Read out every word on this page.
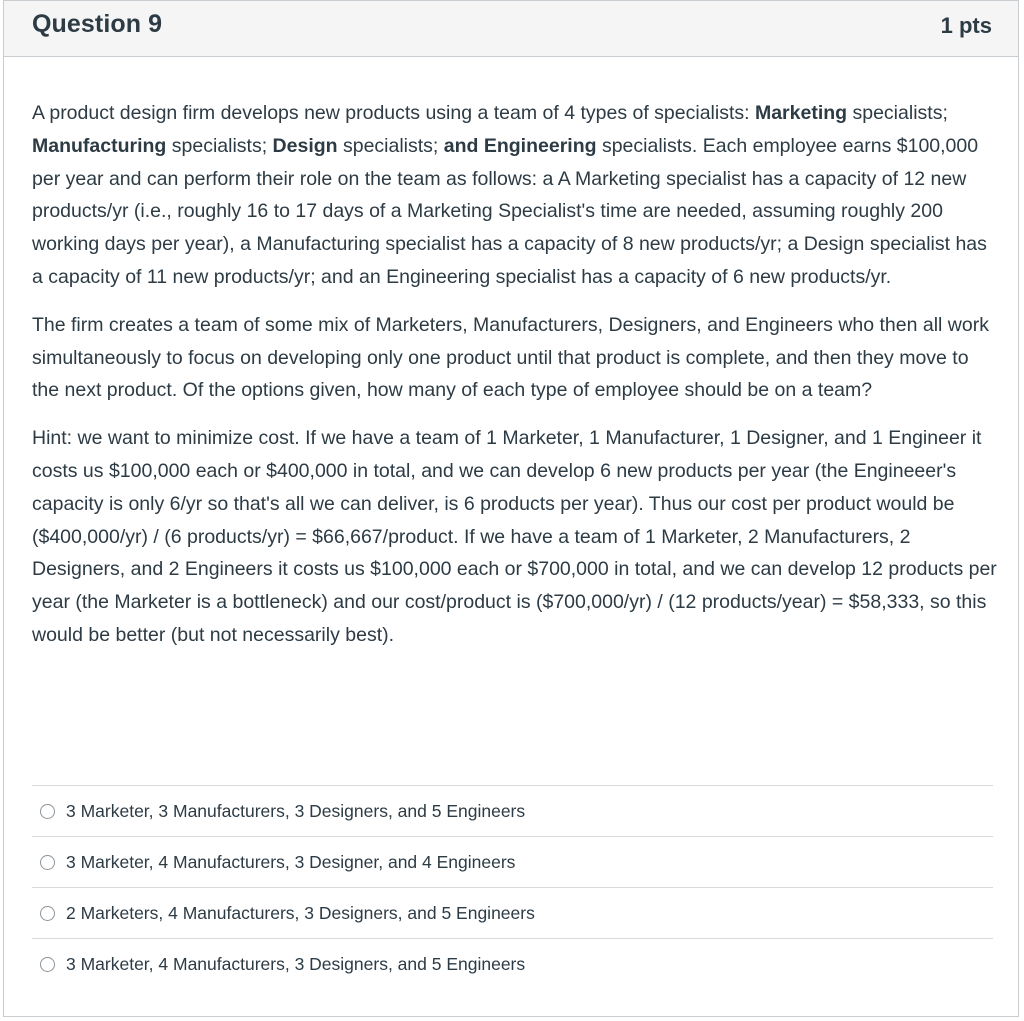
Question 9	1 pts

A product design firm develops new products using a team of 4 types of specialists: Marketing specialists; Manufacturing specialists; Design specialists; and Engineering specialists. Each employee earns $100,000 per year and can perform their role on the team as follows: a A Marketing specialist has a capacity of 12 new products/yr (i.e., roughly 16 to 17 days of a Marketing Specialist's time are needed, assuming roughly 200 working days per year), a Manufacturing specialist has a capacity of 8 new products/yr; a Design specialist has a capacity of 11 new products/yr; and an Engineering specialist has a capacity of 6 new products/yr.

The firm creates a team of some mix of Marketers, Manufacturers, Designers, and Engineers who then all work simultaneously to focus on developing only one product until that product is complete, and then they move to the next product. Of the options given, how many of each type of employee should be on a team?

Hint: we want to minimize cost. If we have a team of 1 Marketer, 1 Manufacturer, 1 Designer, and 1 Engineer it costs us $100,000 each or $400,000 in total, and we can develop 6 new products per year (the Engineeer's capacity is only 6/yr so that's all we can deliver, is 6 products per year). Thus our cost per product would be ($400,000/yr) / (6 products/yr) = $66,667/product. If we have a team of 1 Marketer, 2 Manufacturers, 2 Designers, and 2 Engineers it costs us $100,000 each or $700,000 in total, and we can develop 12 products per year (the Marketer is a bottleneck) and our cost/product is ($700,000/yr) / (12 products/year) = $58,333, so this would be better (but not necessarily best).

3 Marketer, 3 Manufacturers, 3 Designers, and 5 Engineers
3 Marketer, 4 Manufacturers, 3 Designer, and 4 Engineers
2 Marketers, 4 Manufacturers, 3 Designers, and 5 Engineers
3 Marketer, 4 Manufacturers, 3 Designers, and 5 Engineers
